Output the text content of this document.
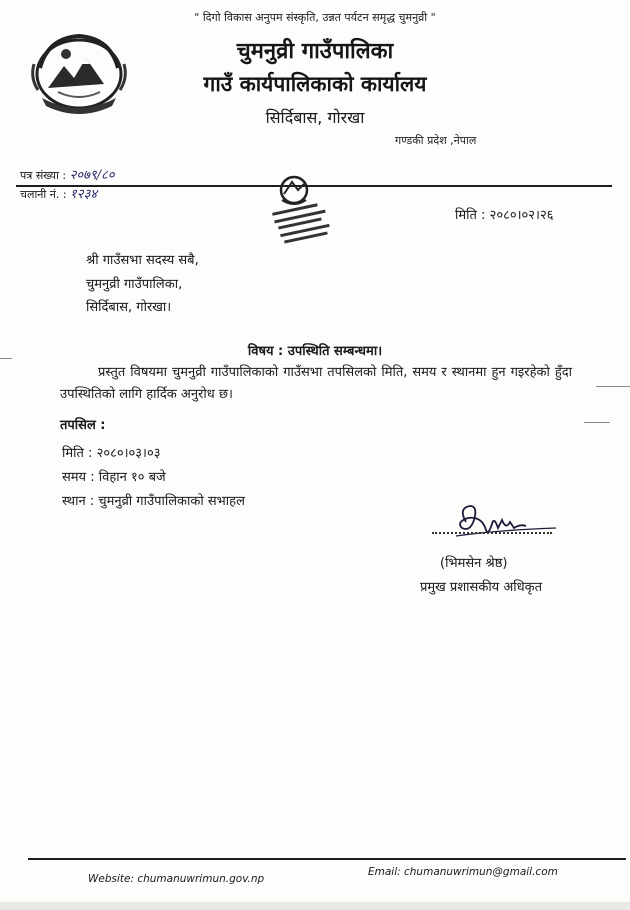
" दिगो विकास अनुपम संस्कृति, उन्नत पर्यटन समृद्ध चुमनुव्री "
चुमनुव्री गाउँपालिका
गाउँ कार्यपालिकाको कार्यालय
सिर्दिबास, गोरखा
गण्डकी प्रदेश ,नेपाल
पत्र संख्या : २०७९/८०
चलानी नं. : १२३४
मिति : २०८०।०२।२६
श्री गाउँसभा सदस्य सबै,
चुमनुव्री गाउँपालिका,
सिर्दिबास, गोरखा।
विषय : उपस्थिति सम्बन्धमा।
प्रस्तुत विषयमा चुमनुव्री गाउँपालिकाको गाउँसभा तपसिलको मिति, समय र स्थानमा हुन गइरहेको हुँदा उपस्थितिको लागि हार्दिक अनुरोध छ।
तपसिल :
मिति : २०८०।०३।०३
समय : विहान १० बजे
स्थान : चुमनुव्री गाउँपालिकाको सभाहल
(भिमसेन श्रेष्ठ)
प्रमुख प्रशासकीय अधिकृत
Website: chumanuwrimun.gov.np
Email: chumanuwrimun@gmail.com
